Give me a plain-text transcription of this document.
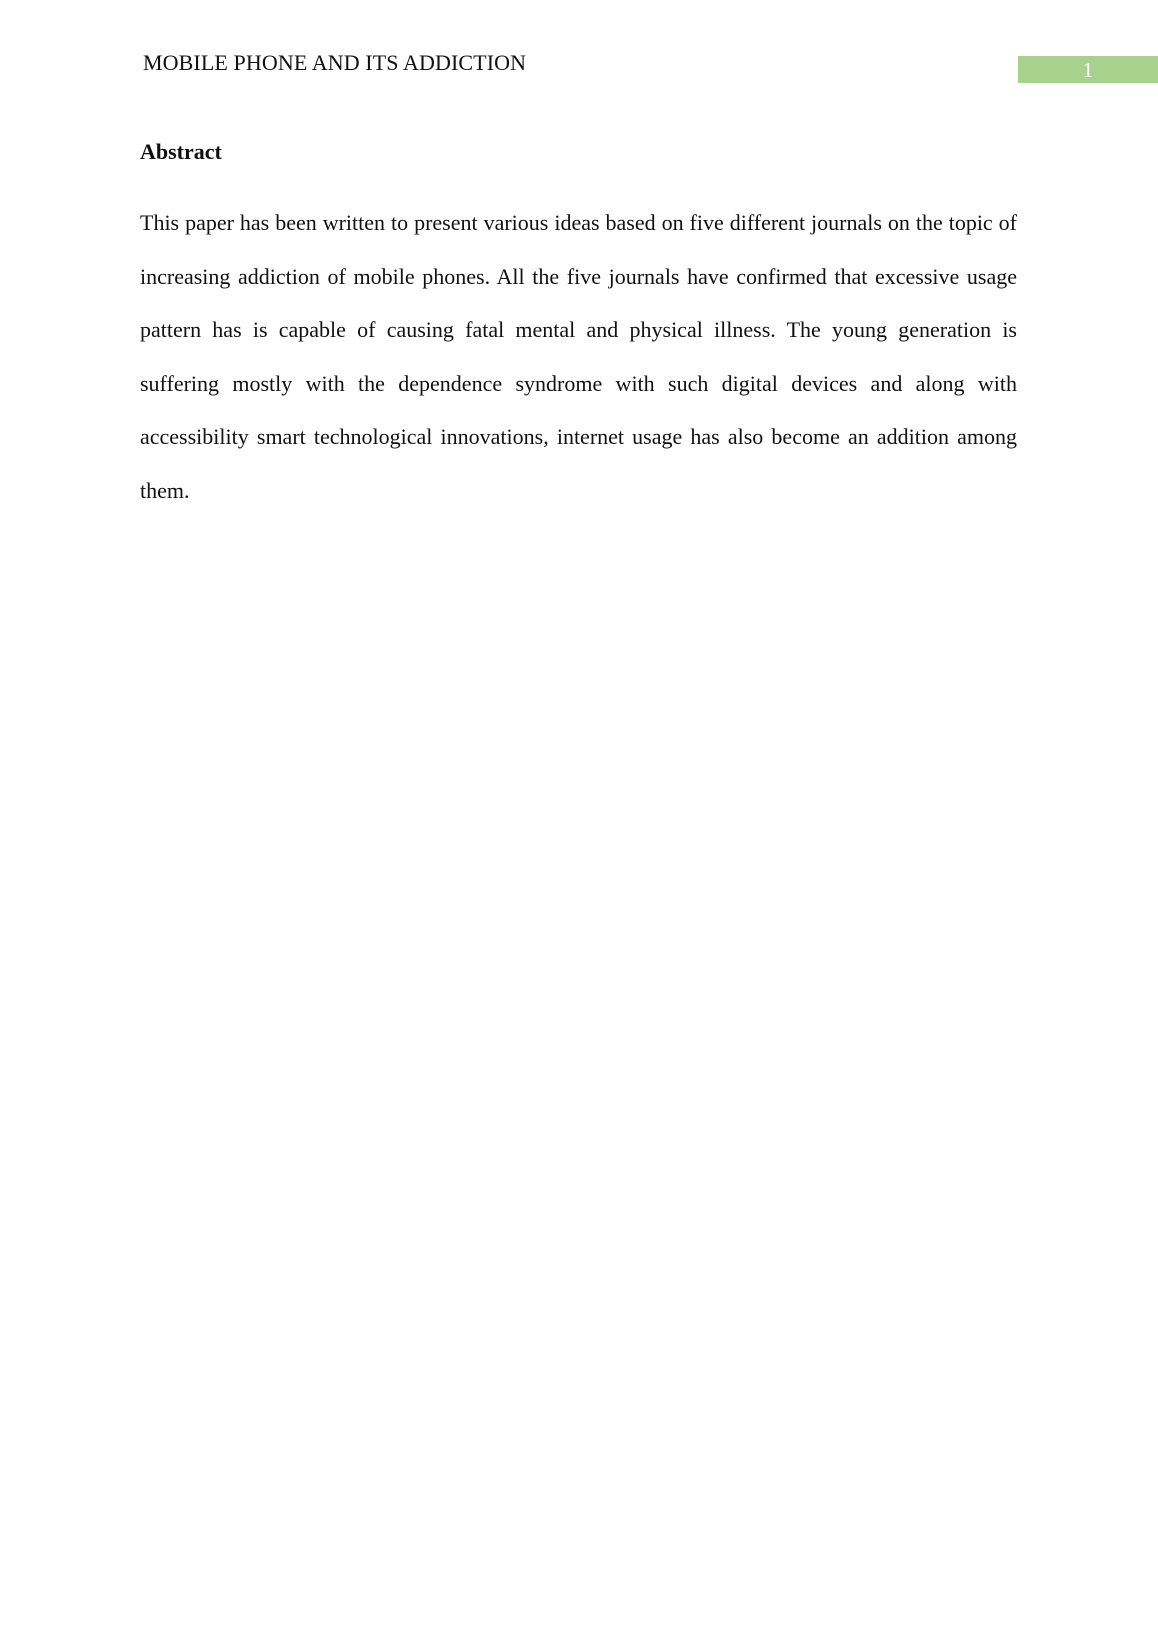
MOBILE PHONE AND ITS ADDICTION	1
Abstract

This paper has been written to present various ideas based on five different journals on the topic of increasing addiction of mobile phones. All the five journals have confirmed that excessive usage pattern has is capable of causing fatal mental and physical illness. The young generation is suffering mostly with the dependence syndrome with such digital devices and along with accessibility smart technological innovations, internet usage has also become an addition among them.
